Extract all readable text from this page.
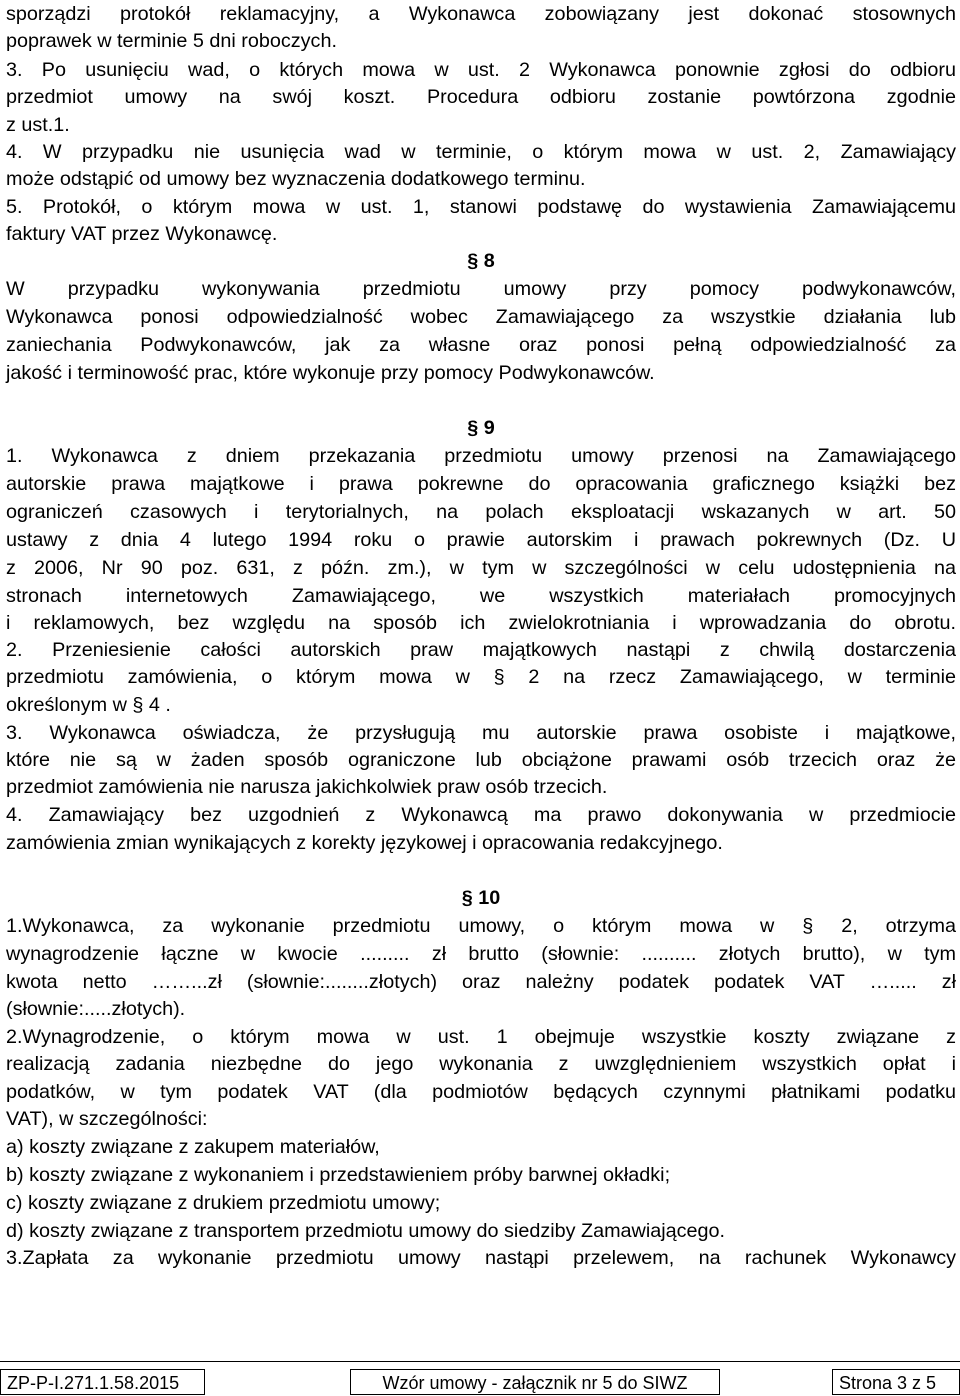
sporządzi protokół reklamacyjny, a Wykonawca zobowiązany jest dokonać stosownych
poprawek w terminie 5 dni roboczych.
3. Po usunięciu wad, o których mowa w ust. 2 Wykonawca ponownie zgłosi do odbioru
przedmiot umowy na swój koszt. Procedura odbioru zostanie powtórzona zgodnie
z ust.1.
4. W przypadku nie usunięcia wad w terminie, o którym mowa w ust. 2, Zamawiający
może odstąpić od umowy bez wyznaczenia dodatkowego terminu.
5. Protokół, o którym mowa w ust. 1, stanowi podstawę do wystawienia Zamawiającemu
faktury VAT przez Wykonawcę.
§ 8
W przypadku wykonywania przedmiotu umowy przy pomocy podwykonawców,
Wykonawca ponosi odpowiedzialność wobec Zamawiającego za wszystkie działania lub
zaniechania Podwykonawców, jak za własne oraz ponosi pełną odpowiedzialność za
jakość i terminowość prac, które wykonuje przy pomocy Podwykonawców.
§ 9
1. Wykonawca z dniem przekazania przedmiotu umowy przenosi na Zamawiającego
autorskie prawa majątkowe i prawa pokrewne do opracowania graficznego książki bez
ograniczeń czasowych i terytorialnych, na polach eksploatacji wskazanych w art. 50
ustawy z dnia 4 lutego 1994 roku o prawie autorskim i prawach pokrewnych (Dz. U
z 2006, Nr 90 poz. 631, z późn. zm.), w tym w szczególności w celu udostępnienia na
stronach internetowych Zamawiającego, we wszystkich materiałach promocyjnych
i reklamowych, bez względu na sposób ich zwielokrotniania i wprowadzania do obrotu.
2. Przeniesienie całości autorskich praw majątkowych nastąpi z chwilą dostarczenia
przedmiotu zamówienia, o którym mowa w § 2 na rzecz Zamawiającego, w terminie
określonym w § 4 .
3. Wykonawca oświadcza, że przysługują mu autorskie prawa osobiste i majątkowe,
które nie są w żaden sposób ograniczone lub obciążone prawami osób trzecich oraz że
przedmiot zamówienia nie narusza jakichkolwiek praw osób trzecich.
4. Zamawiający bez uzgodnień z Wykonawcą ma prawo dokonywania w przedmiocie
zamówienia zmian wynikających z korekty językowej i opracowania redakcyjnego.
§ 10
1.Wykonawca, za wykonanie przedmiotu umowy, o którym mowa w § 2, otrzyma
wynagrodzenie łączne w kwocie ......... zł brutto (słownie: .......... złotych brutto), w tym
kwota netto ……...zł (słownie:........złotych) oraz należny podatek podatek VAT …..... zł
(słownie:.....złotych).
2.Wynagrodzenie, o którym mowa w ust. 1 obejmuje wszystkie koszty związane z
realizacją zadania niezbędne do jego wykonania z uwzględnieniem wszystkich opłat i
podatków, w tym podatek VAT (dla podmiotów będących czynnymi płatnikami podatku
VAT), w szczególności:
a) koszty związane z zakupem materiałów,
b) koszty związane z wykonaniem i przedstawieniem próby barwnej okładki;
c) koszty związane z drukiem przedmiotu umowy;
d) koszty związane z transportem przedmiotu umowy do siedziby Zamawiającego.
3.Zapłata za wykonanie przedmiotu umowy nastąpi przelewem, na rachunek Wykonawcy
ZP-P-I.271.1.58.2015	Wzór umowy - załącznik nr 5 do SIWZ	Strona 3 z 5
